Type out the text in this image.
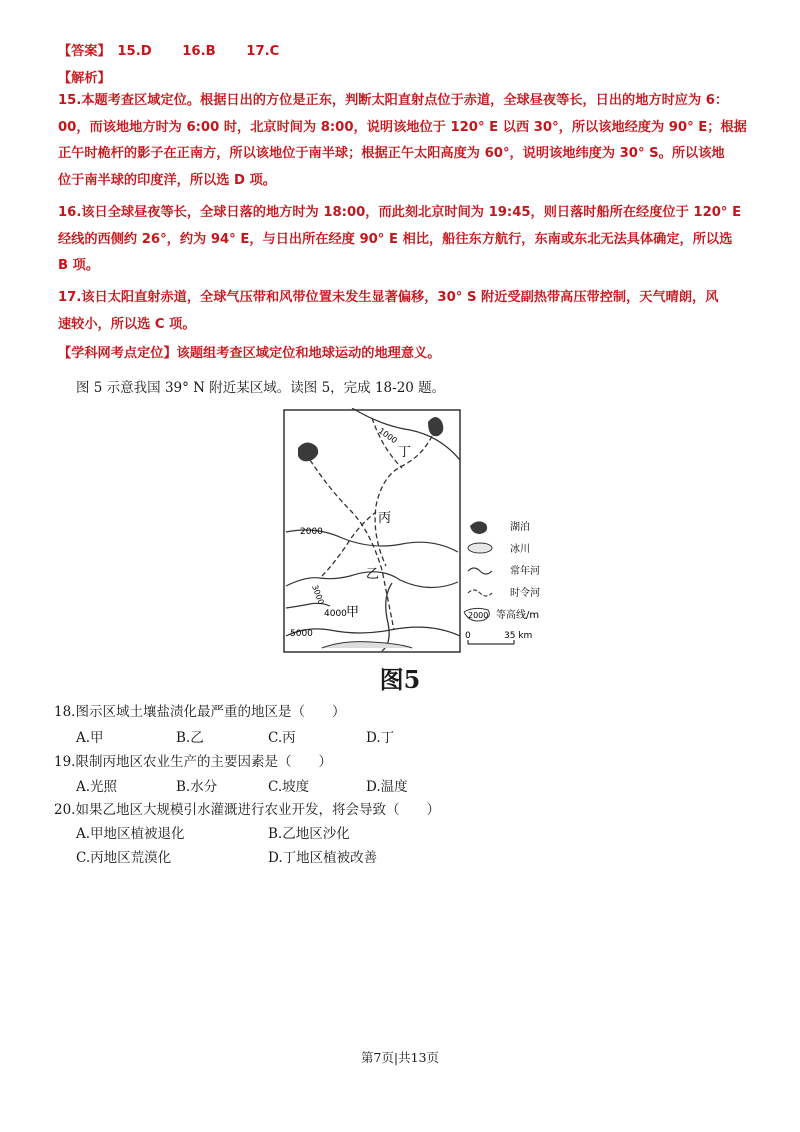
【答案】 15.D 16.B 17.C
【解析】
15.本题考查区域定位。根据日出的方位是正东，判断太阳直射点位于赤道，全球昼夜等长，日出的地方时应为 6：
00，而该地地方时为 6:00 时，北京时间为 8:00，说明该地位于 120° E 以西 30°，所以该地经度为 90° E；根据
正午时桅杆的影子在正南方，所以该地位于南半球；根据正午太阳高度为 60°，说明该地纬度为 30° S。所以该地
位于南半球的印度洋，所以选 D 项。
16.该日全球昼夜等长，全球日落的地方时为 18:00，而此刻北京时间为 19:45，则日落时船所在经度位于 120° E
经线的西侧约 26°，约为 94° E，与日出所在经度 90° E 相比，船往东方航行，东南或东北无法具体确定，所以选
B 项。
17.该日太阳直射赤道，全球气压带和风带位置未发生显著偏移，30° S 附近受副热带高压带控制，天气晴朗，风
速较小，所以选 C 项。
【学科网考点定位】该题组考查区域定位和地球运动的地理意义。
图 5 示意我国 39° N 附近某区域。读图 5，完成 18-20 题。
1000
2000
3000
4000
5000
丁
丙
乙
甲
湖泊
冰川
常年河
时令河
2000 等高线/m
0	35 km
图5
18.图示区域土壤盐渍化最严重的地区是（　　）
A.甲	B.乙	C.丙	D.丁
19.限制丙地区农业生产的主要因素是（　　）
A.光照	B.水分	C.坡度	D.温度
20.如果乙地区大规模引水灌溉进行农业开发，将会导致（　　）
A.甲地区植被退化	B.乙地区沙化
C.丙地区荒漠化	D.丁地区植被改善
第7页|共13页
